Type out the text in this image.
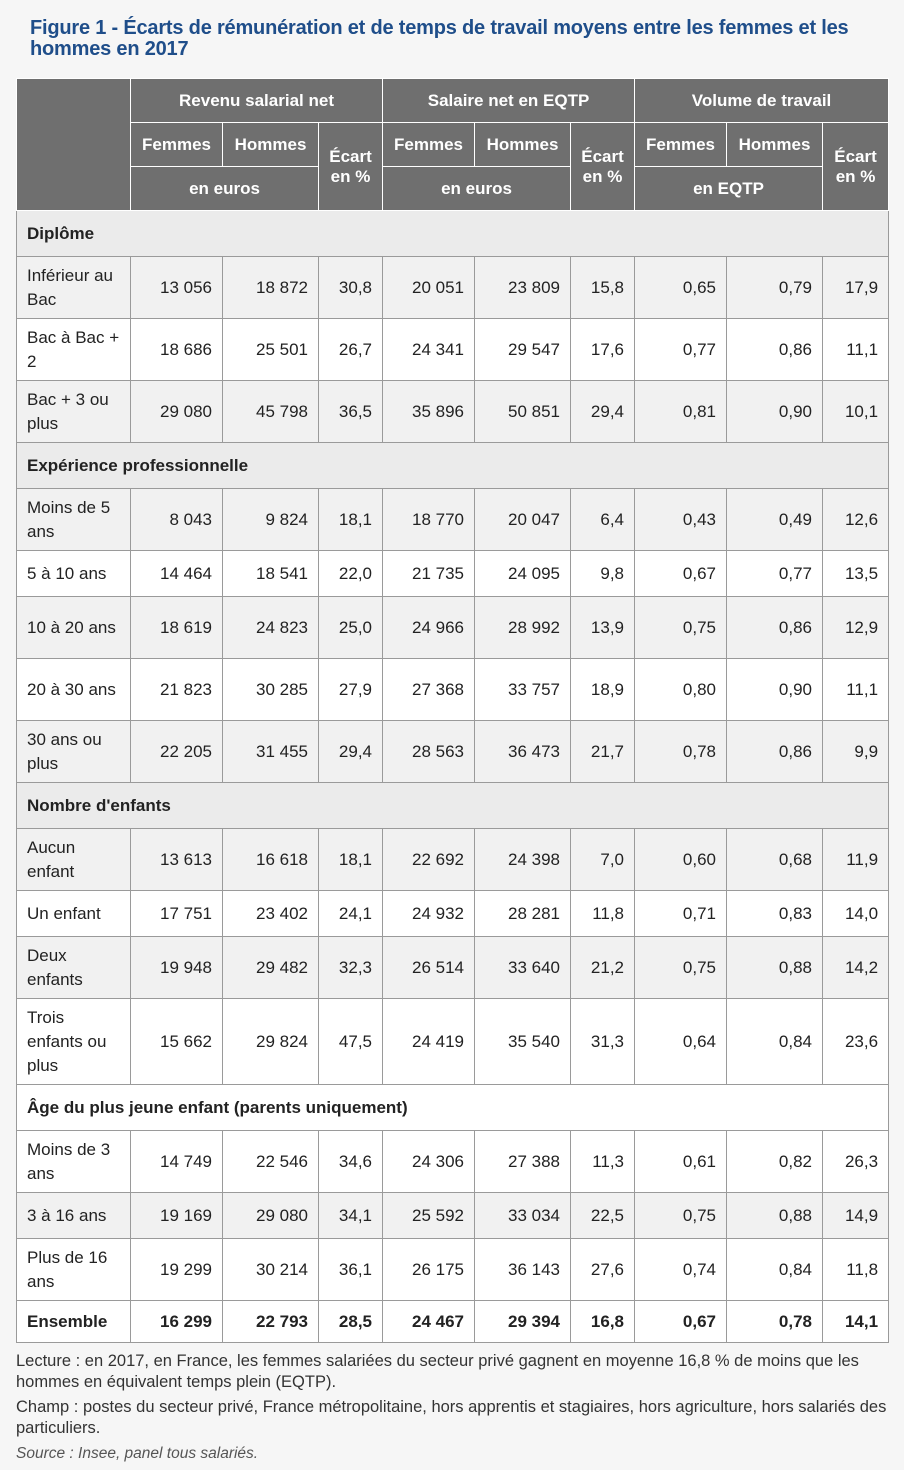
Figure 1 - Écarts de rémunération et de temps de travail moyens entre les femmes et les hommes en 2017
	Revenu salarial net			Salaire net en EQTP			Volume de travail		
	Femmes	Hommes	Écart en %	Femmes	Hommes	Écart en %	Femmes	Hommes	Écart en %
	en euros			en euros			en EQTP		
Diplôme									
Inférieur au Bac	13 056	18 872	30,8	20 051	23 809	15,8	0,65	0,79	17,9
Bac à Bac + 2	18 686	25 501	26,7	24 341	29 547	17,6	0,77	0,86	11,1
Bac + 3 ou plus	29 080	45 798	36,5	35 896	50 851	29,4	0,81	0,90	10,1
Expérience professionnelle									
Moins de 5 ans	8 043	9 824	18,1	18 770	20 047	6,4	0,43	0,49	12,6
5 à 10 ans	14 464	18 541	22,0	21 735	24 095	9,8	0,67	0,77	13,5
10 à 20 ans	18 619	24 823	25,0	24 966	28 992	13,9	0,75	0,86	12,9
20 à 30 ans	21 823	30 285	27,9	27 368	33 757	18,9	0,80	0,90	11,1
30 ans ou plus	22 205	31 455	29,4	28 563	36 473	21,7	0,78	0,86	9,9
Nombre d'enfants									
Aucun enfant	13 613	16 618	18,1	22 692	24 398	7,0	0,60	0,68	11,9
Un enfant	17 751	23 402	24,1	24 932	28 281	11,8	0,71	0,83	14,0
Deux enfants	19 948	29 482	32,3	26 514	33 640	21,2	0,75	0,88	14,2
Trois enfants ou plus	15 662	29 824	47,5	24 419	35 540	31,3	0,64	0,84	23,6
Âge du plus jeune enfant (parents uniquement)									
Moins de 3 ans	14 749	22 546	34,6	24 306	27 388	11,3	0,61	0,82	26,3
3 à 16 ans	19 169	29 080	34,1	25 592	33 034	22,5	0,75	0,88	14,9
Plus de 16 ans	19 299	30 214	36,1	26 175	36 143	27,6	0,74	0,84	11,8
Ensemble	16 299	22 793	28,5	24 467	29 394	16,8	0,67	0,78	14,1

Lecture : en 2017, en France, les femmes salariées du secteur privé gagnent en moyenne 16,8 % de moins que les hommes en équivalent temps plein (EQTP).

Champ : postes du secteur privé, France métropolitaine, hors apprentis et stagiaires, hors agriculture, hors salariés des particuliers.

Source : Insee, panel tous salariés.
